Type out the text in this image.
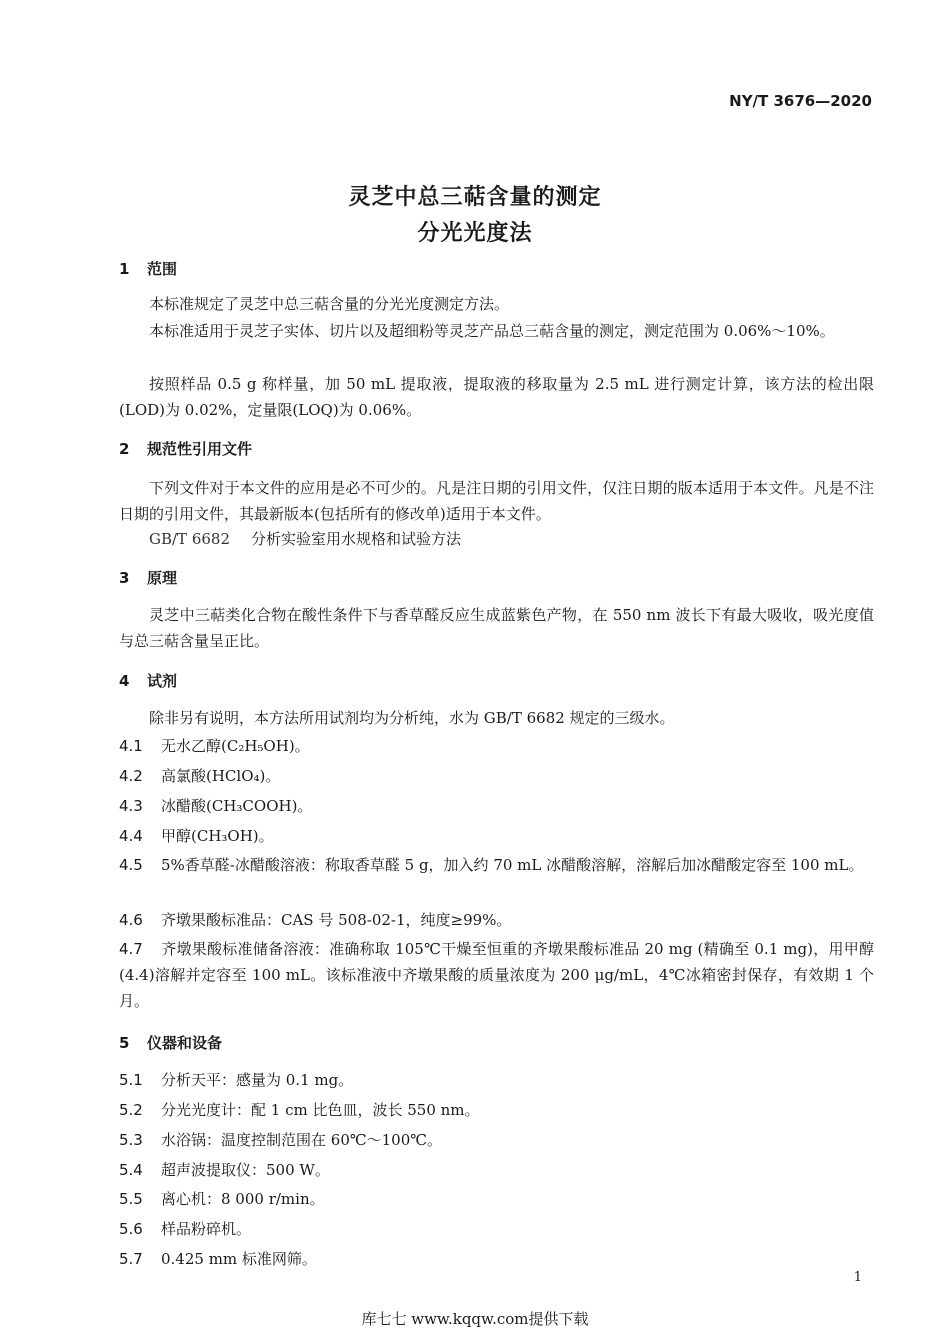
NY/T 3676—2020
灵芝中总三萜含量的测定
分光光度法
1 范围
本标准规定了灵芝中总三萜含量的分光光度测定方法。
本标准适用于灵芝子实体、切片以及超细粉等灵芝产品总三萜含量的测定，测定范围为 0.06%～10%。
按照样品 0.5 g 称样量，加 50 mL 提取液，提取液的移取量为 2.5 mL 进行测定计算，该方法的检出限(LOD)为 0.02%，定量限(LOQ)为 0.06%。
2 规范性引用文件
下列文件对于本文件的应用是必不可少的。凡是注日期的引用文件，仅注日期的版本适用于本文件。凡是不注日期的引用文件，其最新版本(包括所有的修改单)适用于本文件。
GB/T 6682 分析实验室用水规格和试验方法
3 原理
灵芝中三萜类化合物在酸性条件下与香草醛反应生成蓝紫色产物，在 550 nm 波长下有最大吸收，吸光度值与总三萜含量呈正比。
4 试剂
除非另有说明，本方法所用试剂均为分析纯，水为 GB/T 6682 规定的三级水。
4.1 无水乙醇(C₂H₅OH)。
4.2 高氯酸(HClO₄)。
4.3 冰醋酸(CH₃COOH)。
4.4 甲醇(CH₃OH)。
4.5 5%香草醛-冰醋酸溶液：称取香草醛 5 g，加入约 70 mL 冰醋酸溶解，溶解后加冰醋酸定容至 100 mL。
4.6 齐墩果酸标准品：CAS 号 508-02-1，纯度≥99%。
4.7 齐墩果酸标准储备溶液：准确称取 105℃干燥至恒重的齐墩果酸标准品 20 mg (精确至 0.1 mg)，用甲醇(4.4)溶解并定容至 100 mL。该标准液中齐墩果酸的质量浓度为 200 μg/mL，4℃冰箱密封保存，有效期 1 个月。
5 仪器和设备
5.1 分析天平：感量为 0.1 mg。
5.2 分光光度计：配 1 cm 比色皿，波长 550 nm。
5.3 水浴锅：温度控制范围在 60℃～100℃。
5.4 超声波提取仪：500 W。
5.5 离心机：8 000 r/min。
5.6 样品粉碎机。
5.7 0.425 mm 标准网筛。
1
库七七 www.kqqw.com提供下载
